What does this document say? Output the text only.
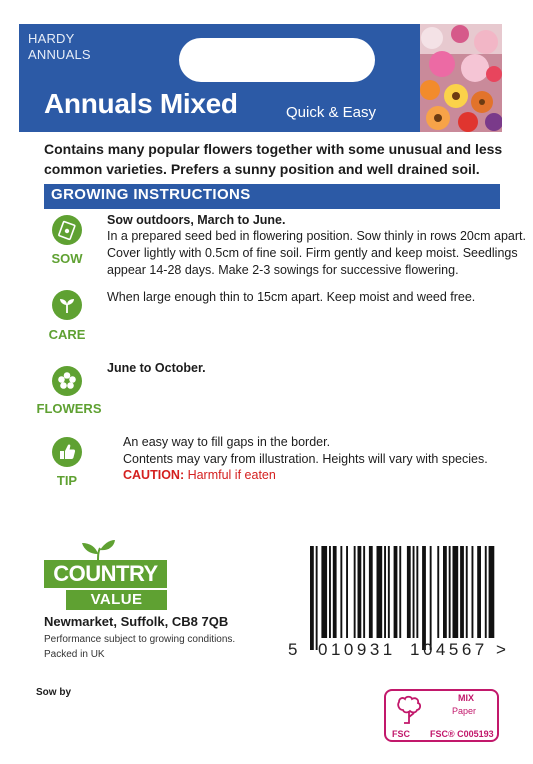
HARDY
ANNUALS
Annuals Mixed	Quick & Easy
Contains many popular flowers together with some unusual and less common varieties. Prefers a sunny position and well drained soil.
GROWING INSTRUCTIONS
SOW
Sow outdoors, March to June.
In a prepared seed bed in flowering position. Sow thinly in rows 20cm apart.
Cover lightly with 0.5cm of fine soil. Firm gently and keep moist. Seedlings
appear 14-28 days. Make 2-3 sowings for successive flowering.
CARE
When large enough thin to 15cm apart. Keep moist and weed free.
FLOWERS
June to October.
TIP
An easy way to fill gaps in the border.
Contents may vary from illustration. Heights will vary with species.
CAUTION: Harmful if eaten
COUNTRY
VALUE
Newmarket, Suffolk, CB8 7QB
Performance subject to growing conditions.
Packed in UK	5 010931 104567 >
Sow by
FSC
MIX
Paper
FSC® C005193
